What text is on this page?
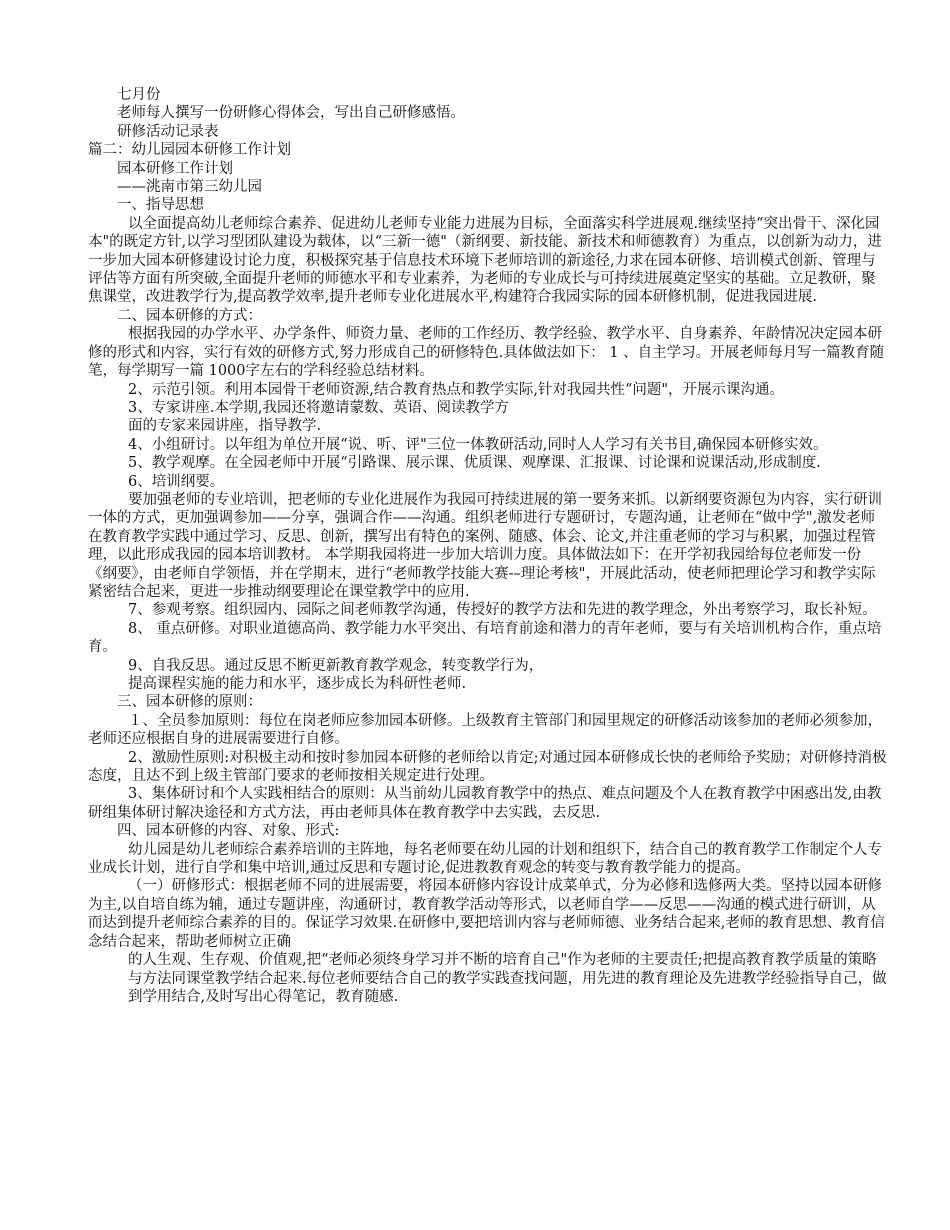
七月份

老师每人撰写一份研修心得体会，写出自己研修感悟。

研修活动记录表

篇二：幼儿园园本研修工作计划

园本研修工作计划

——洮南市第三幼儿园

一、指导思想

以全面提高幼儿老师综合素养、促进幼儿老师专业能力进展为目标，全面落实科学进展观.继续坚持“突出骨干、深化园本"的既定方针,以学习型团队建设为载体，以“三新一德"（新纲要、新技能、新技术和师德教育）为重点，以创新为动力，进一步加大园本研修建设讨论力度，积极探究基于信息技术环境下老师培训的新途径,力求在园本研修、培训模式创新、管理与评估等方面有所突破,全面提升老师的师德水平和专业素养，为老师的专业成长与可持续进展奠定坚实的基础。立足教研，聚焦课堂，改进教学行为,提高教学效率,提升老师专业化进展水平,构建符合我园实际的园本研修机制，促进我园进展.

二、园本研修的方式：

根据我园的办学水平、办学条件、师资力量、老师的工作经历、教学经验、教学水平、自身素养、年龄情况决定园本研修的形式和内容，实行有效的研修方式,努力形成自己的研修特色.具体做法如下： 1 、自主学习。开展老师每月写一篇教育随笔，每学期写一篇 1000字左右的学科经验总结材料。

2、示范引领。利用本园骨干老师资源,结合教育热点和教学实际,针对我园共性“问题"，开展示课沟通。

3、专家讲座.本学期,我园还将邀请蒙数、英语、阅读教学方

面的专家来园讲座，指导教学.

4、小组研讨。以年组为单位开展“说、听、评"三位一体教研活动,同时人人学习有关书目,确保园本研修实效。

5、教学观摩。在全园老师中开展“引路课、展示课、优质课、观摩课、汇报课、讨论课和说课活动,形成制度.

6、培训纲要。

要加强老师的专业培训，把老师的专业化进展作为我园可持续进展的第一要务来抓。以新纲要资源包为内容，实行研训一体的方式，更加强调参加——分享，强调合作——沟通。组织老师进行专题研讨，专题沟通，让老师在“做中学",激发老师在教育教学实践中通过学习、反思、创新，撰写出有特色的案例、随感、体会、论文,并注重老师的学习与积累，加强过程管理，以此形成我园的园本培训教材。 本学期我园将进一步加大培训力度。具体做法如下：在开学初我园给每位老师发一份《纲要》，由老师自学领悟，并在学期末，进行“老师教学技能大赛-–理论考核"，开展此活动，使老师把理论学习和教学实际紧密结合起来，更进一步推动纲要理论在课堂教学中的应用.

7、参观考察。组织园内、园际之间老师教学沟通，传授好的教学方法和先进的教学理念，外出考察学习，取长补短。

8、 重点研修。对职业道德高尚、教学能力水平突出、有培育前途和潜力的青年老师，要与有关培训机构合作，重点培育。

9、自我反思。通过反思不断更新教育教学观念，转变教学行为，

提高课程实施的能力和水平，逐步成长为科研性老师.

三、园本研修的原则：

１、全员参加原则：每位在岗老师应参加园本研修。上级教育主管部门和园里规定的研修活动该参加的老师必须参加，老师还应根据自身的进展需要进行自修。

2、激励性原则:对积极主动和按时参加园本研修的老师给以肯定;对通过园本研修成长快的老师给予奖励；对研修持消极态度，且达不到上级主管部门要求的老师按相关规定进行处理。

3、集体研讨和个人实践相结合的原则：从当前幼儿园教育教学中的热点、难点问题及个人在教育教学中困惑出发,由教研组集体研讨解决途径和方式方法，再由老师具体在教育教学中去实践，去反思.

四、园本研修的内容、对象、形式:

幼儿园是幼儿老师综合素养培训的主阵地，每名老师要在幼儿园的计划和组织下，结合自己的教育教学工作制定个人专业成长计划，进行自学和集中培训,通过反思和专题讨论,促进教教育观念的转变与教育教学能力的提高。

（一）研修形式：根据老师不同的进展需要，将园本研修内容设计成菜单式，分为必修和选修两大类。坚持以园本研修为主,以自培自练为辅，通过专题讲座，沟通研讨，教育教学活动等形式，以老师自学——反思——沟通的模式进行研训，从而达到提升老师综合素养的目的。保证学习效果.在研修中,要把培训内容与老师师德、业务结合起来,老师的教育思想、教育信念结合起来，帮助老师树立正确

的人生观、生存观、价值观,把“老师必须终身学习并不断的培育自己"作为老师的主要责任;把提高教育教学质量的策略与方法同课堂教学结合起来.每位老师要结合自己的教学实践查找问题，用先进的教育理论及先进教学经验指导自己，做到学用结合,及时写出心得笔记，教育随感.
